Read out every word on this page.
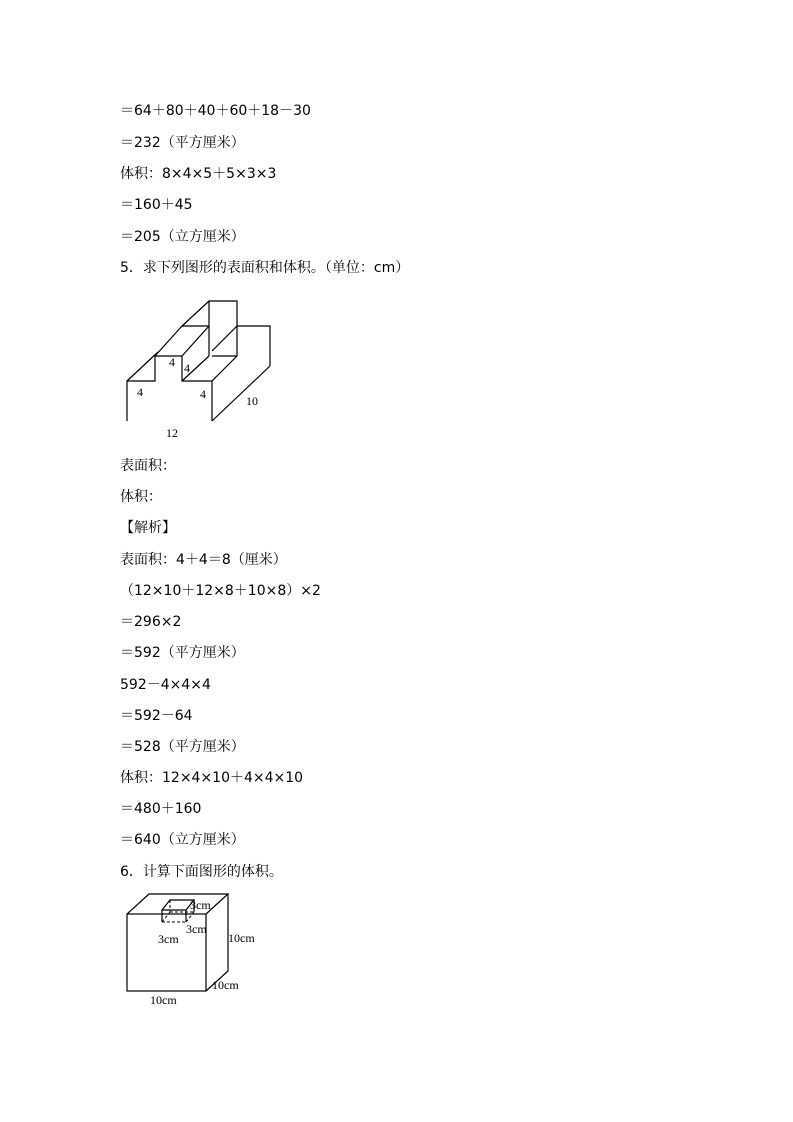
＝64＋80＋40＋60＋18－30
＝232（平方厘米）
体积：8×4×5＋5×3×3
＝160＋45
＝205（立方厘米）
5．求下列图形的表面积和体积。（单位：cm）
4
4 4
4	10
12
表面积：
体积：
【解析】
表面积：4＋4＝8（厘米）
（12×10＋12×8＋10×8）×2
＝296×2
＝592（平方厘米）
592－4×4×4
＝592－64
＝528（平方厘米）
体积：12×4×10＋4×4×10
＝480＋160
＝640（立方厘米）
6．计算下面图形的体积。
3cm
3cm
3cm	10cm
10cm
10cm
